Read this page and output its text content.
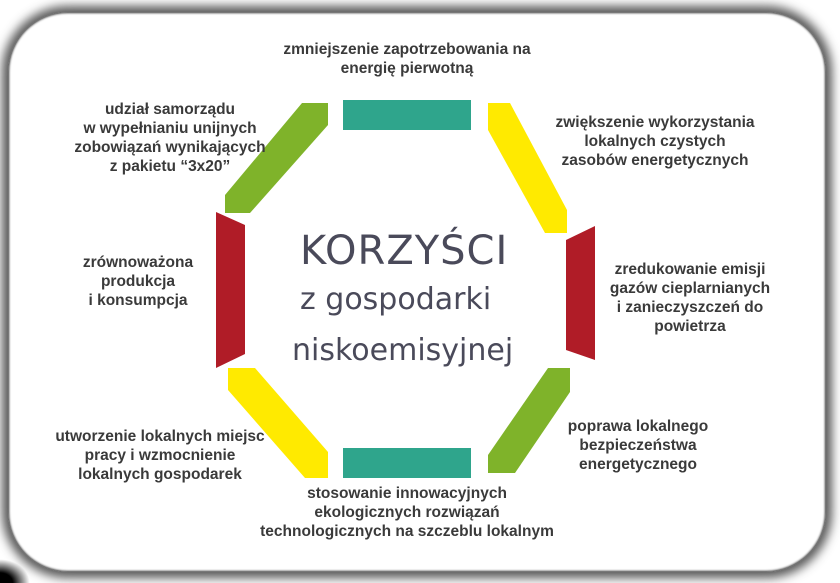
KORZYŚCI
z gospodarki
niskoemisyjnej
zmniejszenie zapotrzebowania na
energię pierwotną
zwiększenie wykorzystania
lokalnych czystych
zasobów energetycznych
zredukowanie emisji
gazów cieplarnianych
i zanieczyszczeń do
powietrza
poprawa lokalnego
bezpieczeństwa
energetycznego
stosowanie innowacyjnych
ekologicznych rozwiązań
technologicznych na szczeblu lokalnym
utworzenie lokalnych miejsc
pracy i wzmocnienie
lokalnych gospodarek
zrównoważona
produkcja
i konsumpcja
udział samorządu
w wypełnianiu unijnych
zobowiązań wynikających
z pakietu “3x20”
